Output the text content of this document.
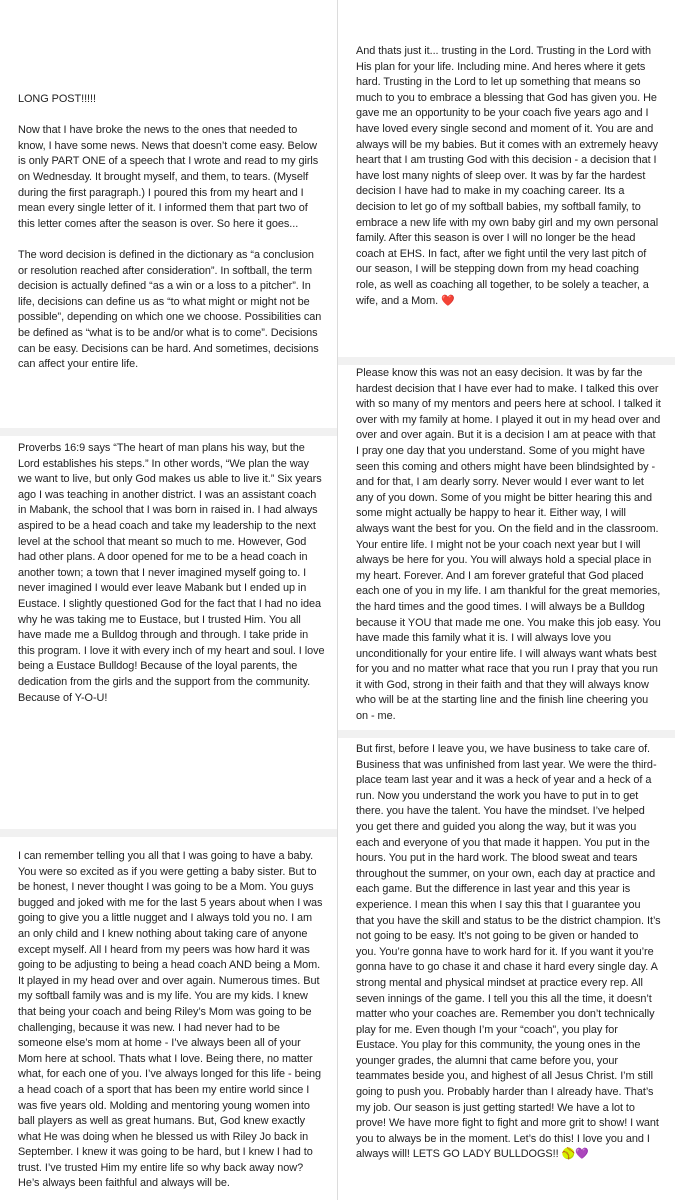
LONG POST!!!!!

Now that I have broke the news to the ones that needed to know, I have some news. News that doesn’t come easy. Below is only PART ONE of a speech that I wrote and read to my girls on Wednesday. It brought myself, and them, to tears. (Myself during the first paragraph.) I poured this from my heart and I mean every single letter of it. I informed them that part two of this letter comes after the season is over. So here it goes...

The word decision is defined in the dictionary as “a conclusion or resolution reached after consideration”. In softball, the term decision is actually defined “as a win or a loss to a pitcher”. In life, decisions can define us as “to what might or might not be possible”, depending on which one we choose. Possibilities can be defined as “what is to be and/or what is to come”. Decisions can be easy. Decisions can be hard. And sometimes, decisions can affect your entire life.
Proverbs 16:9 says “The heart of man plans his way, but the Lord establishes his steps.” In other words, “We plan the way we want to live, but only God makes us able to live it.” Six years ago I was teaching in another district. I was an assistant coach in Mabank, the school that I was born in raised in. I had always aspired to be a head coach and take my leadership to the next level at the school that meant so much to me. However, God had other plans. A door opened for me to be a head coach in another town; a town that I never imagined myself going to. I never imagined I would ever leave Mabank but I ended up in Eustace. I slightly questioned God for the fact that I had no idea why he was taking me to Eustace, but I trusted Him. You all have made me a Bulldog through and through. I take pride in this program. I love it with every inch of my heart and soul. I love being a Eustace Bulldog! Because of the loyal parents, the dedication from the girls and the support from the community. Because of Y-O-U!
I can remember telling you all that I was going to have a baby. You were so excited as if you were getting a baby sister. But to be honest, I never thought I was going to be a Mom. You guys bugged and joked with me for the last 5 years about when I was going to give you a little nugget and I always told you no. I am an only child and I knew nothing about taking care of anyone except myself. All I heard from my peers was how hard it was going to be adjusting to being a head coach AND being a Mom. It played in my head over and over again. Numerous times. But my softball family was and is my life. You are my kids. I knew that being your coach and being Riley’s Mom was going to be challenging, because it was new. I had never had to be someone else’s mom at home - I’ve always been all of your Mom here at school. Thats what I love. Being there, no matter what, for each one of you. I’ve always longed for this life - being a head coach of a sport that has been my entire world since I was five years old. Molding and mentoring young women into ball players as well as great humans. But, God knew exactly what He was doing when he blessed us with Riley Jo back in September. I knew it was going to be hard, but I knew I had to trust. I’ve trusted Him my entire life so why back away now? He’s always been faithful and always will be.
And thats just it... trusting in the Lord. Trusting in the Lord with His plan for your life. Including mine. And heres where it gets hard. Trusting in the Lord to let up something that means so much to you to embrace a blessing that God has given you. He gave me an opportunity to be your coach five years ago and I have loved every single second and moment of it. You are and always will be my babies. But it comes with an extremely heavy heart that I am trusting God with this decision - a decision that I have lost many nights of sleep over. It was by far the hardest decision I have had to make in my coaching career. Its a decision to let go of my softball babies, my softball family, to embrace a new life with my own baby girl and my own personal family. After this season is over I will no longer be the head coach at EHS. In fact, after we fight until the very last pitch of our season, I will be stepping down from my head coaching role, as well as coaching all together, to be solely a teacher, a wife, and a Mom. ❤️
Please know this was not an easy decision. It was by far the hardest decision that I have ever had to make. I talked this over with so many of my mentors and peers here at school. I talked it over with my family at home. I played it out in my head over and over and over again. But it is a decision I am at peace with that I pray one day that you understand. Some of you might have seen this coming and others might have been blindsighted by - and for that, I am dearly sorry. Never would I ever want to let any of you down. Some of you might be bitter hearing this and some might actually be happy to hear it. Either way, I will always want the best for you. On the field and in the classroom. Your entire life. I might not be your coach next year but I will always be here for you. You will always hold a special place in my heart. Forever. And I am forever grateful that God placed each one of you in my life. I am thankful for the great memories, the hard times and the good times. I will always be a Bulldog because it YOU that made me one. You make this job easy. You have made this family what it is. I will always love you unconditionally for your entire life. I will always want whats best for you and no matter what race that you run I pray that you run it with God, strong in their faith and that they will always know who will be at the starting line and the finish line cheering you on - me.
But first, before I leave you, we have business to take care of. Business that was unfinished from last year. We were the third-place team last year and it was a heck of year and a heck of a run. Now you understand the work you have to put in to get there. you have the talent. You have the mindset. I’ve helped you get there and guided you along the way, but it was you each and everyone of you that made it happen. You put in the hours. You put in the hard work. The blood sweat and tears throughout the summer, on your own, each day at practice and each game. But the difference in last year and this year is experience. I mean this when I say this that I guarantee you that you have the skill and status to be the district champion. It’s not going to be easy. It’s not going to be given or handed to you. You’re gonna have to work hard for it. If you want it you’re gonna have to go chase it and chase it hard every single day. A strong mental and physical mindset at practice every rep. All seven innings of the game. I tell you this all the time, it doesn’t matter who your coaches are. Remember you don’t technically play for me. Even though I’m your “coach”, you play for Eustace. You play for this community, the young ones in the younger grades, the alumni that came before you, your teammates beside you, and highest of all Jesus Christ. I’m still going to push you. Probably harder than I already have. That’s my job. Our season is just getting started! We have a lot to prove! We have more fight to fight and more grit to show! I want you to always be in the moment. Let’s do this! I love you and I always will! LETS GO LADY BULLDOGS!! 🥎💜
